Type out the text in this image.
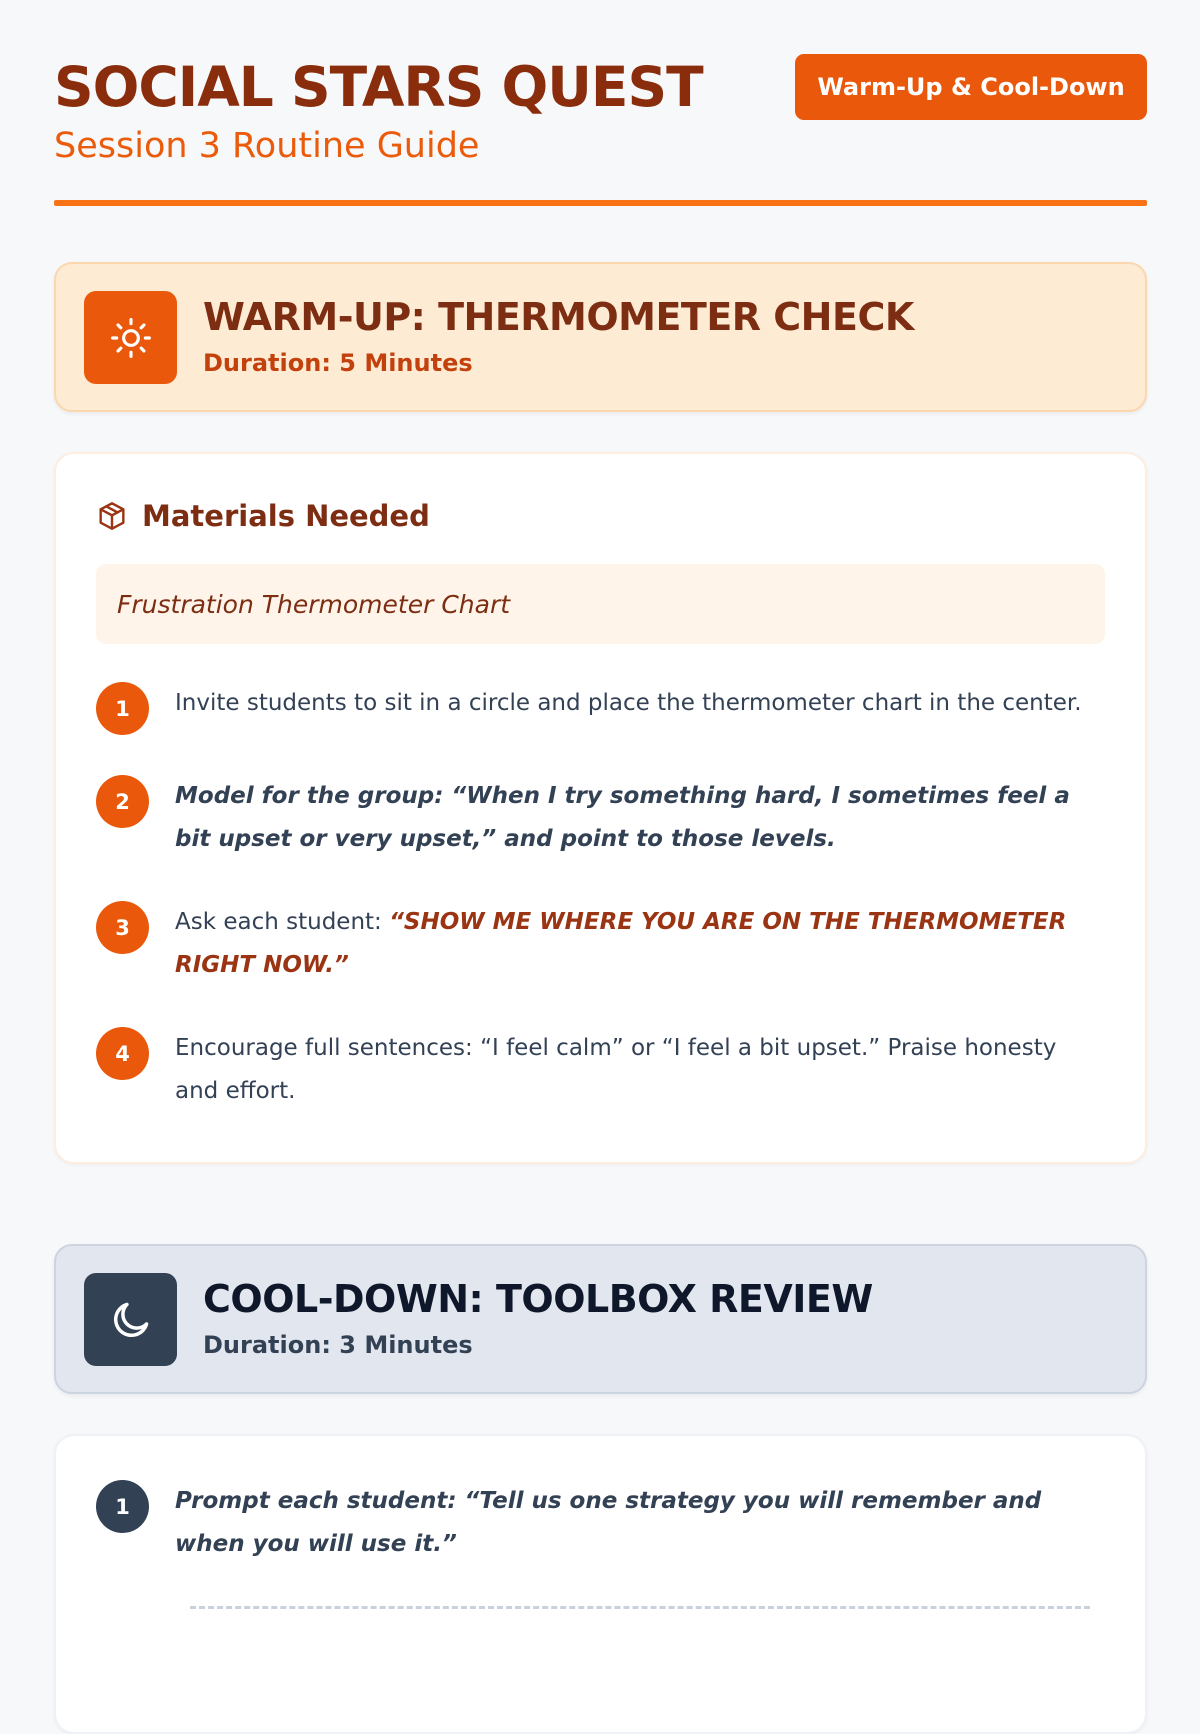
SOCIAL STARS QUEST
Session 3 Routine Guide
Warm-Up & Cool-Down
WARM-UP: THERMOMETER CHECK

Duration: 5 Minutes

Materials Needed
Frustration Thermometer Chart
1	Invite students to sit in a circle and place the thermometer chart in the center.
2	Model for the group: “When I try something hard, I sometimes feel a bit upset or very upset,” and point to those levels.
3	Ask each student: “SHOW ME WHERE YOU ARE ON THE THERMOMETER RIGHT NOW.”
4	Encourage full sentences: “I feel calm” or “I feel a bit upset.” Praise honesty and effort.
COOL-DOWN: TOOLBOX REVIEW

Duration: 3 Minutes

1	Prompt each student: “Tell us one strategy you will remember and when you will use it.”
